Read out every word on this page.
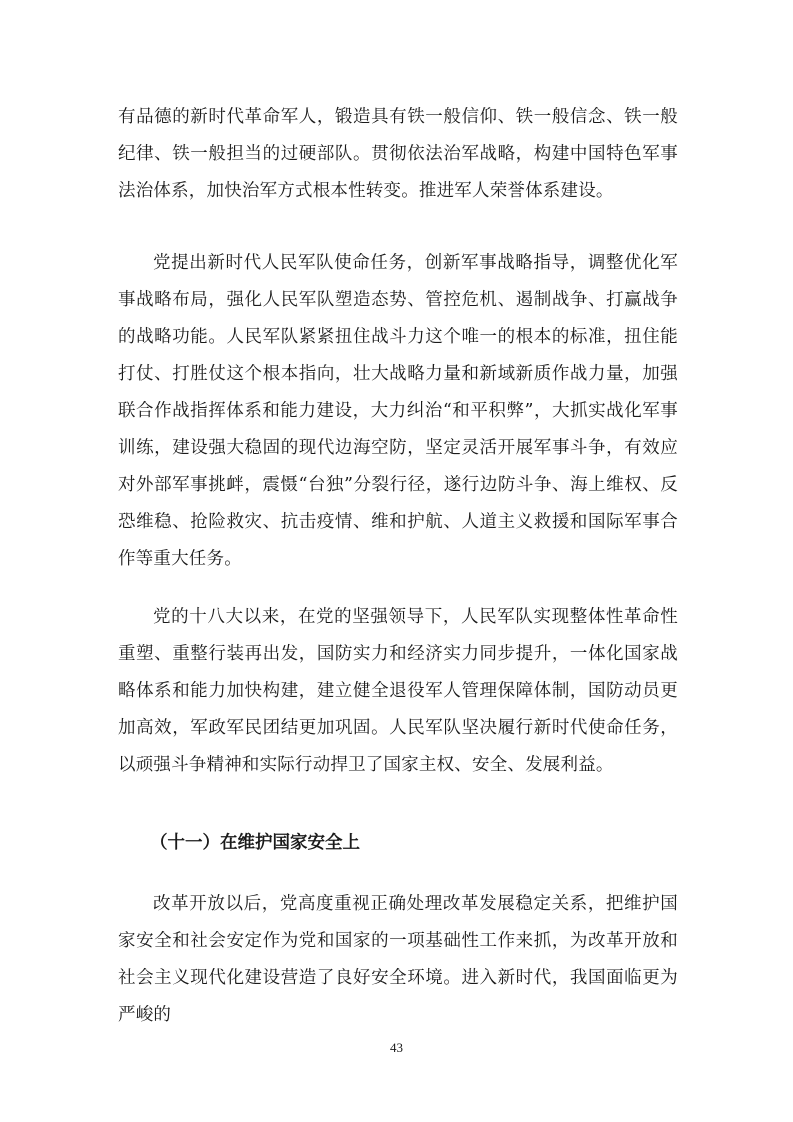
有品德的新时代革命军人，锻造具有铁一般信仰、铁一般信念、铁一般纪律、铁一般担当的过硬部队。贯彻依法治军战略，构建中国特色军事法治体系，加快治军方式根本性转变。推进军人荣誉体系建设。

党提出新时代人民军队使命任务，创新军事战略指导，调整优化军事战略布局，强化人民军队塑造态势、管控危机、遏制战争、打赢战争的战略功能。人民军队紧紧扭住战斗力这个唯一的根本的标准，扭住能打仗、打胜仗这个根本指向，壮大战略力量和新域新质作战力量，加强联合作战指挥体系和能力建设，大力纠治“和平积弊”，大抓实战化军事训练，建设强大稳固的现代边海空防，坚定灵活开展军事斗争，有效应对外部军事挑衅，震慑“台独”分裂行径，遂行边防斗争、海上维权、反恐维稳、抢险救灾、抗击疫情、维和护航、人道主义救援和国际军事合作等重大任务。

党的十八大以来，在党的坚强领导下，人民军队实现整体性革命性重塑、重整行装再出发，国防实力和经济实力同步提升，一体化国家战略体系和能力加快构建，建立健全退役军人管理保障体制，国防动员更加高效，军政军民团结更加巩固。人民军队坚决履行新时代使命任务，以顽强斗争精神和实际行动捍卫了国家主权、安全、发展利益。

（十一）在维护国家安全上

改革开放以后，党高度重视正确处理改革发展稳定关系，把维护国家安全和社会安定作为党和国家的一项基础性工作来抓，为改革开放和社会主义现代化建设营造了良好安全环境。进入新时代，我国面临更为严峻的

43
